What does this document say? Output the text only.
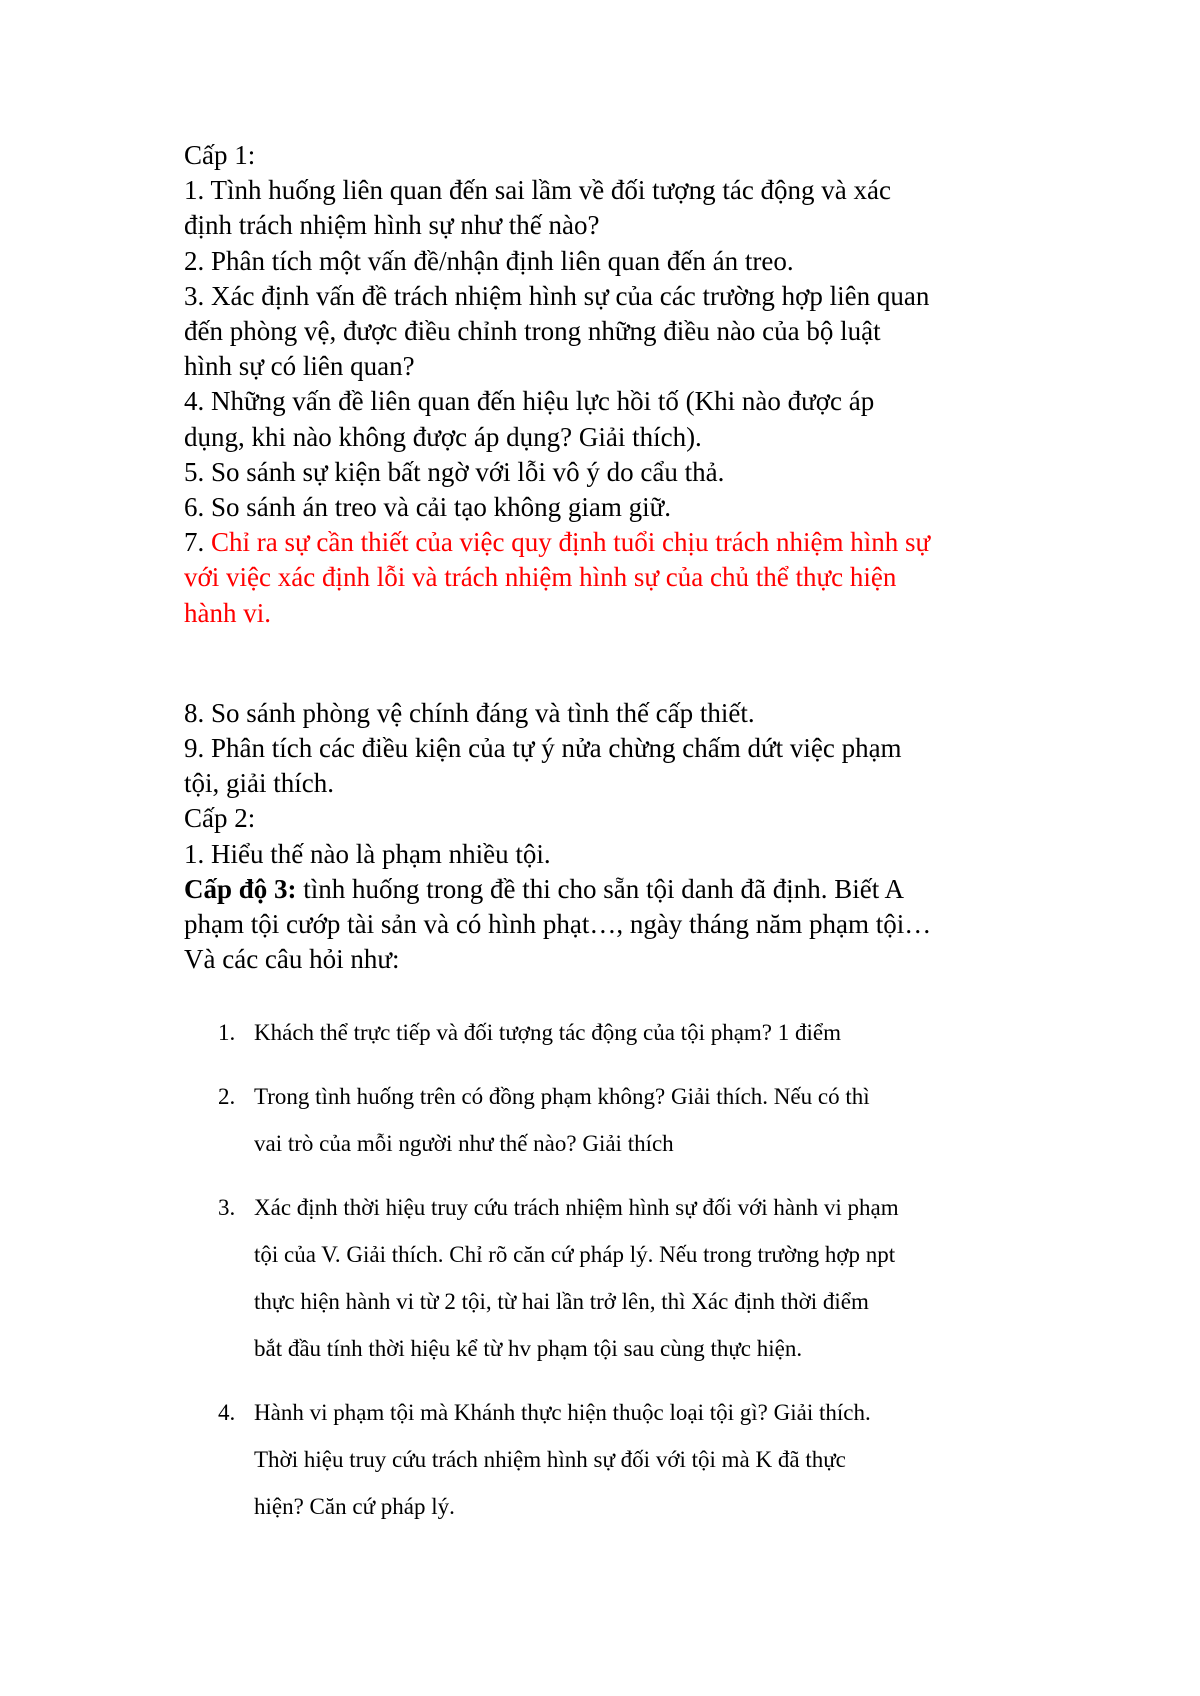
Cấp 1:
1. Tình huống liên quan đến sai lầm về đối tượng tác động và xác
định trách nhiệm hình sự như thế nào?
2. Phân tích một vấn đề/nhận định liên quan đến án treo.
3. Xác định vấn đề trách nhiệm hình sự của các trường hợp liên quan
đến phòng vệ, được điều chỉnh trong những điều nào của bộ luật
hình sự có liên quan?
4. Những vấn đề liên quan đến hiệu lực hồi tố (Khi nào được áp
dụng, khi nào không được áp dụng? Giải thích).
5. So sánh sự kiện bất ngờ với lỗi vô ý do cẩu thả.
6. So sánh án treo và cải tạo không giam giữ.
7. Chỉ ra sự cần thiết của việc quy định tuổi chịu trách nhiệm hình sự
với việc xác định lỗi và trách nhiệm hình sự của chủ thể thực hiện
hành vi.
8. So sánh phòng vệ chính đáng và tình thế cấp thiết.
9. Phân tích các điều kiện của tự ý nửa chừng chấm dứt việc phạm
tội, giải thích.
Cấp 2:
1. Hiểu thế nào là phạm nhiều tội.
Cấp độ 3: tình huống trong đề thi cho sẵn tội danh đã định. Biết A
phạm tội cướp tài sản và có hình phạt…, ngày tháng năm phạm tội…
Và các câu hỏi như:
1. Khách thể trực tiếp và đối tượng tác động của tội phạm? 1 điểm
2. Trong tình huống trên có đồng phạm không? Giải thích. Nếu có thì
vai trò của mỗi người như thế nào? Giải thích
3. Xác định thời hiệu truy cứu trách nhiệm hình sự đối với hành vi phạm
tội của V. Giải thích. Chỉ rõ căn cứ pháp lý. Nếu trong trường hợp npt
thực hiện hành vi từ 2 tội, từ hai lần trở lên, thì Xác định thời điểm
bắt đầu tính thời hiệu kể từ hv phạm tội sau cùng thực hiện.
4. Hành vi phạm tội mà Khánh thực hiện thuộc loại tội gì? Giải thích.
Thời hiệu truy cứu trách nhiệm hình sự đối với tội mà K đã thực
hiện? Căn cứ pháp lý.
